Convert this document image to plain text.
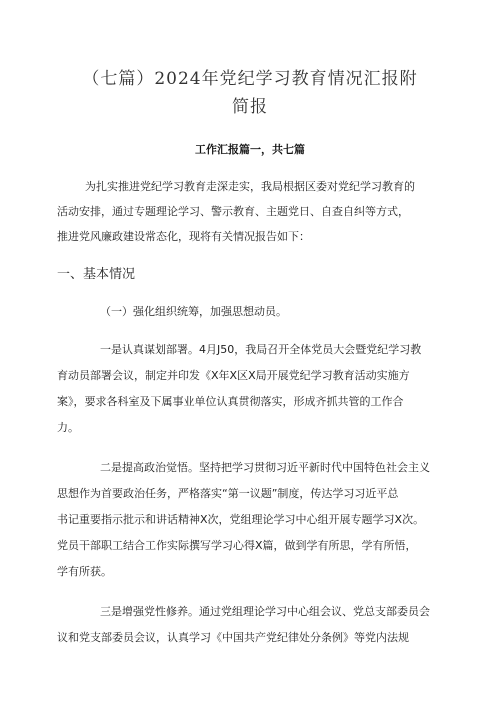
（七篇）2024年党纪学习教育情况汇报附
简报

工作汇报篇一，共七篇

为扎实推进党纪学习教育走深走实，我局根据区委对党纪学习教育的

活动安排，通过专题理论学习、警示教育、主题党日、自查自纠等方式，

推进党风廉政建设常态化，现将有关情况报告如下：

一、基本情况

（一）强化组织统筹，加强思想动员。

一是认真谋划部署。4月J50，我局召开全体党员大会暨党纪学习教

育动员部署会议，制定并印发《X年X区X局开展党纪学习教育活动实施方

案》，要求各科室及下属事业单位认真贯彻落实，形成齐抓共管的工作合

力。

二是提高政治觉悟。坚持把学习贯彻习近平新时代中国特色社会主义

思想作为首要政治任务，严格落实“第一议题”制度，传达学习习近平总

书记重要指示批示和讲话精神X次，党组理论学习中心组开展专题学习X次。

党员干部职工结合工作实际撰写学习心得X篇，做到学有所思，学有所悟，

学有所获。

三是增强党性修养。通过党组理论学习中心组会议、党总支部委员会

议和党支部委员会议，认真学习《中国共产党纪律处分条例》等党内法规
